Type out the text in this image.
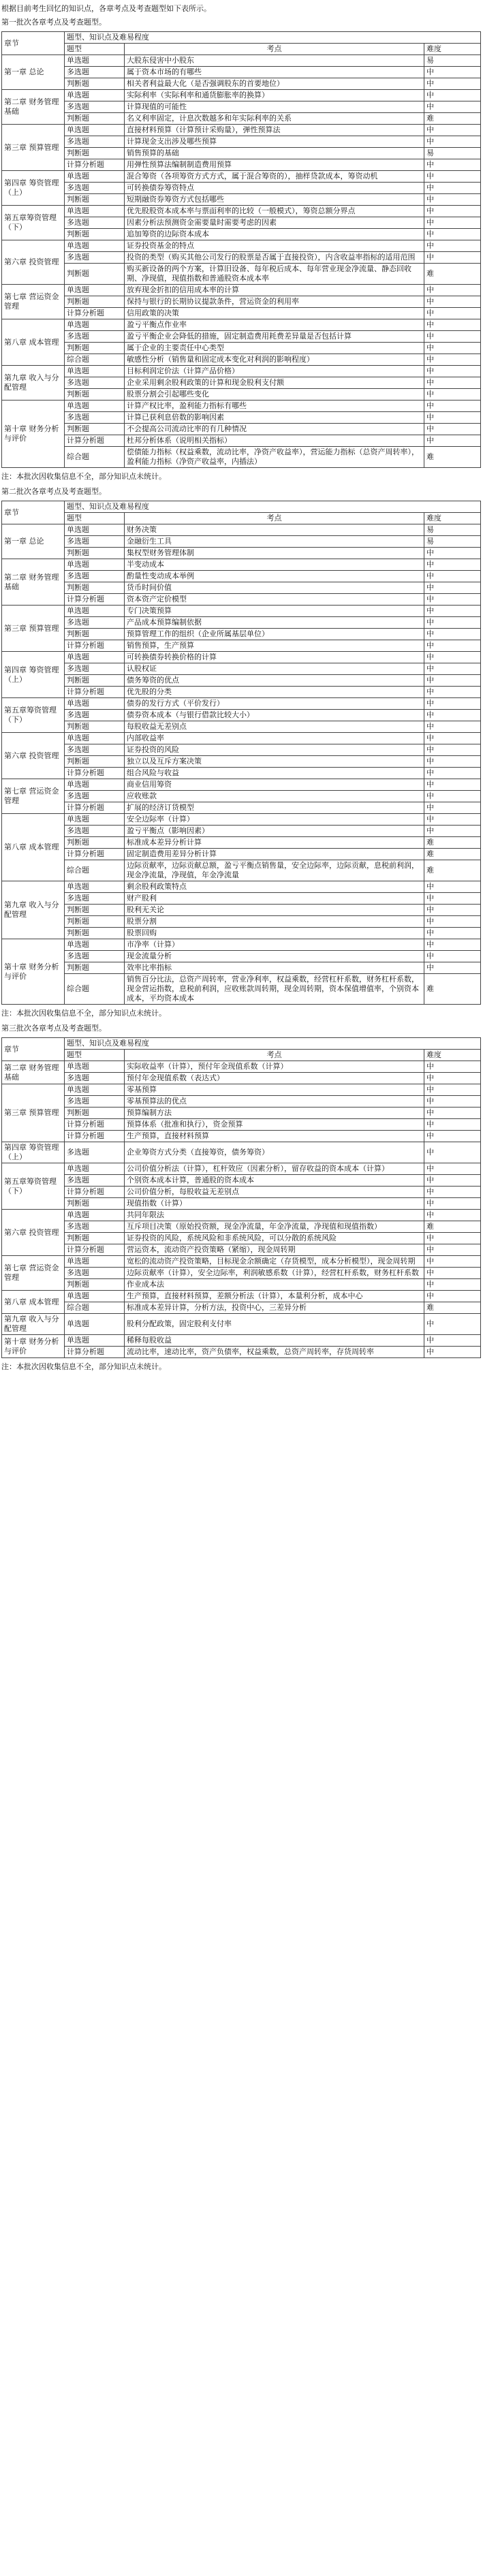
根据目前考生回忆的知识点，各章考点及考查题型如下表所示。

第一批次各章考点及考查题型。

章节	题型、知识点及难易程度		
	题型	考点	难度
第一章 总论	单选题	大股东侵害中小股东	易
	多选题	属于资本市场的有哪些	中
	判断题	相关者利益最大化（是否强调股东的首要地位）	中
第二章 财务管理基础	单选题	实际利率（实际利率和通货膨胀率的换算）	中
	多选题	计算现值的可能性	中
	判断题	名义利率固定，计息次数越多和年实际利率的关系	难
第三章 预算管理	单选题	直接材料预算（计算预计采购量），弹性预算法	中
	多选题	计算现金支出涉及哪些预算	中
	判断题	销售预算的基础	易
	计算分析题	用弹性预算法编制制造费用预算	中
第四章 筹资管理（上）	单选题	混合筹资（各项筹资方式方式，属于混合筹资的），抽样贷款成本，筹资动机	中
	多选题	可转换债券筹资特点	中
	判断题	短期融资券筹资方式包括哪些	中
第五章筹资管理（下）	单选题	优先股股资本成本率与票面利率的比较（一般模式），筹资总额分界点	中
	多选题	因素分析法预测资金需要量时需要考虑的因素	中
	判断题	追加筹资的边际资本成本	中
第六章 投资管理	单选题	证券投资基金的特点	中
	多选题	投资的类型（购买其他公司发行的股票是否属于直接投资），内含收益率指标的适用范围	中
	判断题	购买新设备的两个方案，计算旧设备、每年税后成本、每年营业现金净流量、静态回收期、净现值，现值指数和普通股资本成本率	难
第七章 营运资金管理	单选题	放弃现金折扣的信用成本率的计算	中
	判断题	保持与银行的长期协议提款条件，营运资金的利用率	中
	计算分析题	信用政策的决策	中
第八章 成本管理	单选题	盈亏平衡点作业率	中
	多选题	盈亏平衡企业会降低的措施，固定制造费用耗费差异量是否包括计算	中
	判断题	属于企业的主要责任中心类型	中
	综合题	敏感性分析（销售量和固定成本变化对利润的影响程度）	中
第九章 收入与分配管理	单选题	目标利润定价法（计算产品价格）	中
	多选题	企业采用剩余股利政策的计算和现金股利支付额	中
	判断题	股票分割会引起哪些变化	中
第十章 财务分析与评价	单选题	计算产权比率，盈利能力指标有哪些	中
	多选题	计算已获利息倍数的影响因素	中
	判断题	不会提高公司流动比率的有几种情况	中
	计算分析题	杜邦分析体系（说明相关指标）	中
	综合题	偿债能力指标（权益乘数，流动比率，净资产收益率），营运能力指标（总资产周转率），盈利能力指标（净资产收益率，内插法）	难

注：本批次因收集信息不全，部分知识点未统计。

第二批次各章考点及考查题型。

章节	题型、知识点及难易程度		
	题型	考点	难度
第一章 总论	单选题	财务决策	易
	多选题	金融衍生工具	易
	判断题	集权型财务管理体制	中
第二章 财务管理基础	单选题	半变动成本	中
	多选题	酌量性变动成本举例	中
	判断题	货币时间价值	中
	计算分析题	资本资产定价模型	中
第三章 预算管理	单选题	专门决策预算	中
	多选题	产品成本预算编制依据	中
	判断题	预算管理工作的组织（企业所属基层单位）	中
	计算分析题	销售预算，生产预算	中
第四章 筹资管理（上）	单选题	可转换债券转换价格的计算	中
	多选题	认股权证	中
	判断题	债务筹资的优点	中
	计算分析题	优先股的分类	中
第五章筹资管理（下）	单选题	债券的发行方式（平价发行）	中
	多选题	债券资本成本（与银行借款比较大小）	中
	判断题	每股收益无差别点	中
第六章 投资管理	单选题	内部收益率	中
	多选题	证券投资的风险	中
	判断题	独立以及互斥方案决策	中
	计算分析题	组合风险与收益	中
第七章 营运资金管理	单选题	商业信用筹资	中
	多选题	应收账款	中
	计算分析题	扩展的经济订货模型	中
第八章 成本管理	单选题	安全边际率（计算）	中
	多选题	盈亏平衡点（影响因素）	中
	判断题	标准成本差异分析计算	难
	计算分析题	固定制造费用差异分析计算	难
	综合题	边际贡献率，边际贡献总额，盈亏平衡点销售量，安全边际率，边际贡献，息税前利润，现金净流量，净现值，年金净流量	难
第九章 收入与分配管理	单选题	剩余股利政策特点	中
	多选题	财产股利	中
	判断题	股利无关论	中
	判断题	股票分割	中
	判断题	股票回购	中
第十章 财务分析与评价	单选题	市净率（计算）	中
	多选题	现金流量分析	中
	判断题	效率比率指标	中
	综合题	销售百分比法，总资产周转率，营业净利率，权益乘数，经营杠杆系数，财务杠杆系数，现金营运指数，息税前利润，应收账款周转期，现金周转期，资本保值增值率，个别资本成本，平均资本成本	难

注：本批次因收集信息不全，部分知识点未统计。

第三批次各章考点及考查题型。

章节	题型、知识点及难易程度		
	题型	考点	难度
第二章 财务管理基础	单选题	实际收益率（计算），预付年金现值系数（计算）	中
	多选题	预付年金现值系数（表达式）	中
第三章 预算管理	单选题	零基预算	中
	多选题	零基预算法的优点	中
	判断题	预算编制方法	中
	计算分析题	预算体系（批准和执行），资金预算	中
	计算分析题	生产预算，直接材料预算	中
第四章 筹资管理（上）	多选题	企业筹资方式分类（直接筹资，债务筹资）	中
第五章筹资管理（下）	单选题	公司价值分析法（计算），杠杆效应（因素分析），留存收益的资本成本（计算）	中
	多选题	个别资本成本计算，普通股的资本成本	中
	计算分析题	公司价值分析，每股收益无差别点	中
	判断题	现值指数（计算）	中
第六章 投资管理	单选题	共同年限法	中
	多选题	互斥项目决策（原始投资额，现金净流量，年金净流量，净现值和现值指数）	难
	判断题	证券投资的风险，系统风险和非系统风险，可以分散的系统风险	中
	计算分析题	营运资本，流动资产投资策略（紧缩），现金周转期	中
第七章 营运资金管理	单选题	宽松的流动资产投资策略，目标现金余额确定（存货模型，成本分析模型），现金周转期	中
	多选题	边际贡献率（计算），安全边际率，利润敏感系数（计算），经营杠杆系数，财务杠杆系数	中
	判断题	作业成本法	中
第八章 成本管理	单选题	生产预算，直接材料预算，差额分析法（计算），本量利分析，成本中心	中
	综合题	标准成本差异计算，分析方法，投资中心，三差异分析	难
第九章 收入与分配管理	单选题	股利分配政策，固定股利支付率	中
第十章 财务分析与评价	单选题	稀释每股收益	中
	计算分析题	流动比率，速动比率，资产负债率，权益乘数，总资产周转率，存货周转率	中

注：本批次因收集信息不全，部分知识点未统计。
